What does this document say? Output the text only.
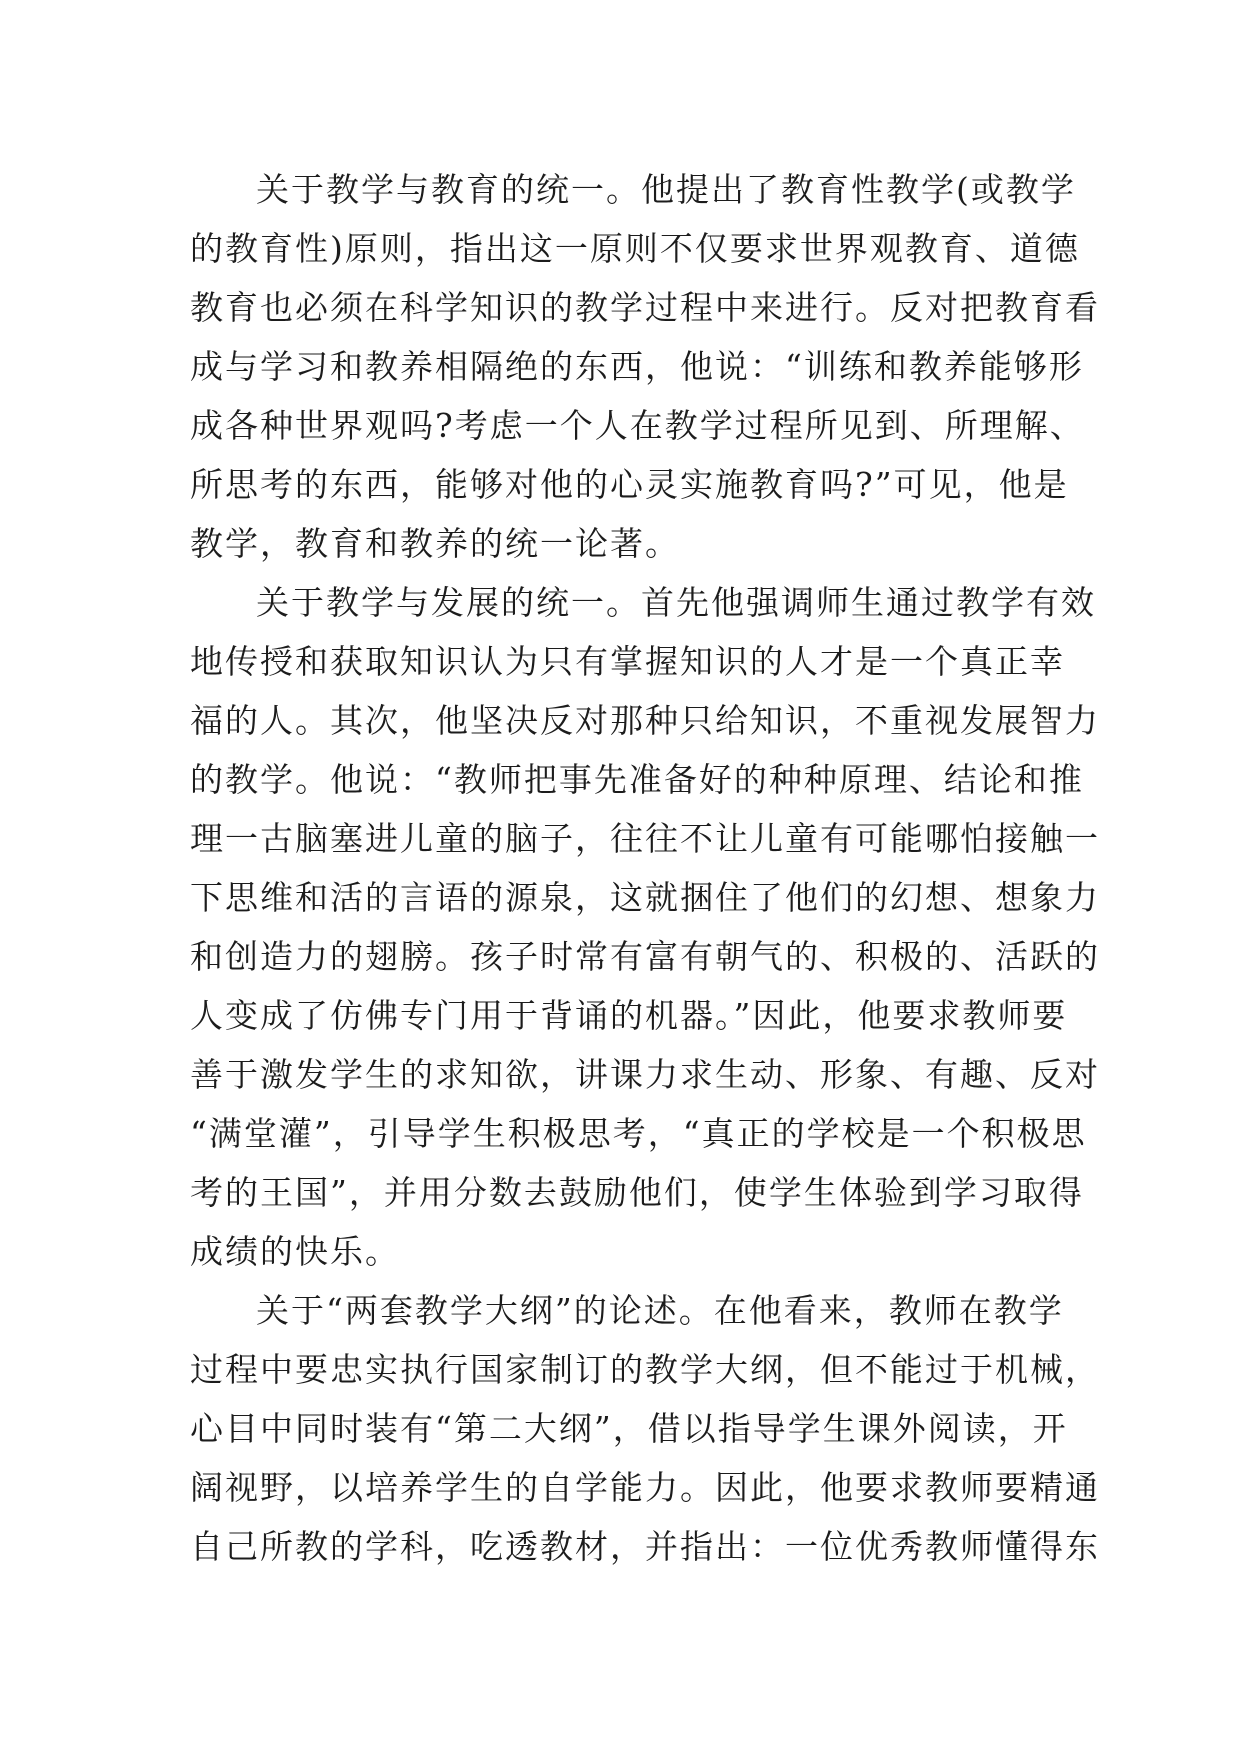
关于教学与教育的统一。他提出了教育性教学(或教学
的教育性)原则，指出这一原则不仅要求世界观教育、道德
教育也必须在科学知识的教学过程中来进行。反对把教育看
成与学习和教养相隔绝的东西，他说：“训练和教养能够形
成各种世界观吗?考虑一个人在教学过程所见到、所理解、
所思考的东西，能够对他的心灵实施教育吗?”可见，他是
教学，教育和教养的统一论著。
关于教学与发展的统一。首先他强调师生通过教学有效
地传授和获取知识认为只有掌握知识的人才是一个真正幸
福的人。其次，他坚决反对那种只给知识，不重视发展智力
的教学。他说：“教师把事先准备好的种种原理、结论和推
理一古脑塞进儿童的脑子，往往不让儿童有可能哪怕接触一
下思维和活的言语的源泉，这就捆住了他们的幻想、想象力
和创造力的翅膀。孩子时常有富有朝气的、积极的、活跃的
人变成了仿佛专门用于背诵的机器。”因此，他要求教师要
善于激发学生的求知欲，讲课力求生动、形象、有趣、反对
“满堂灌”，引导学生积极思考，“真正的学校是一个积极思
考的王国”，并用分数去鼓励他们，使学生体验到学习取得
成绩的快乐。
关于“两套教学大纲”的论述。在他看来，教师在教学
过程中要忠实执行国家制订的教学大纲，但不能过于机械，
心目中同时装有“第二大纲”，借以指导学生课外阅读，开
阔视野，以培养学生的自学能力。因此，他要求教师要精通
自己所教的学科，吃透教材，并指出：一位优秀教师懂得东
